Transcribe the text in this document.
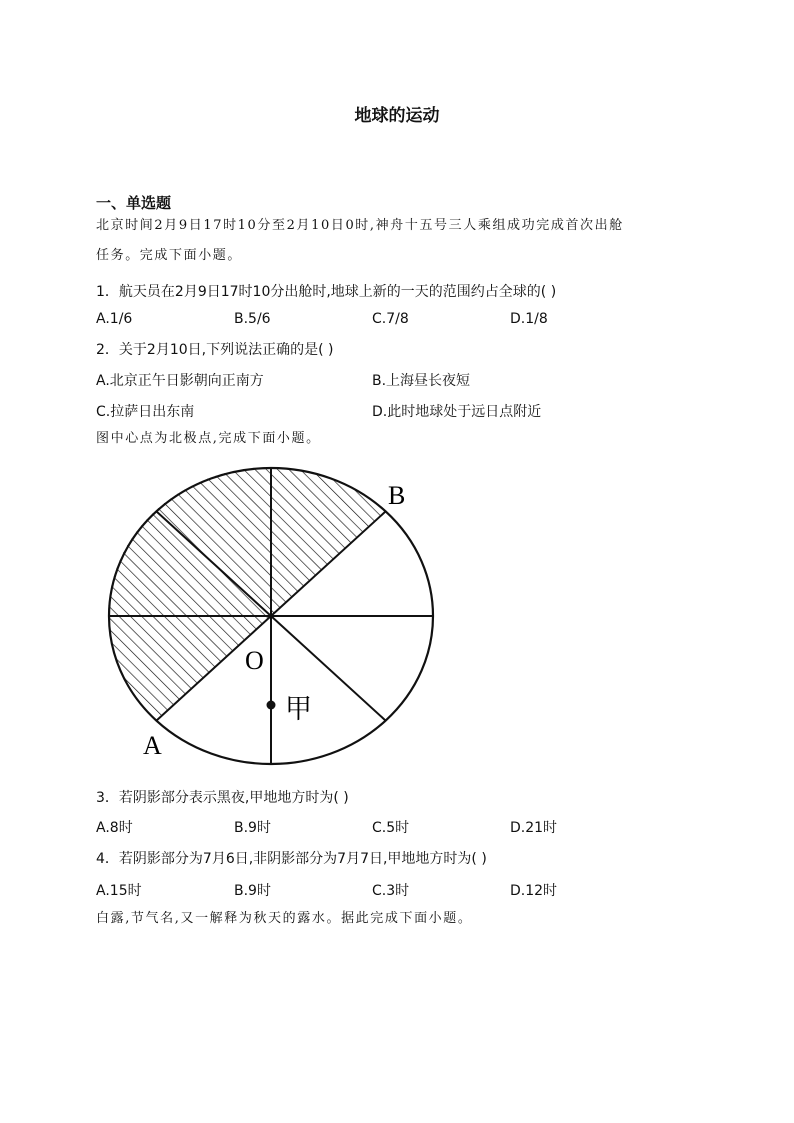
地球的运动
一、单选题
北京时间2月9日17时10分至2月10日0时,神舟十五号三人乘组成功完成首次出舱
任务。完成下面小题。
1．航天员在2月9日17时10分出舱时,地球上新的一天的范围约占全球的( )
A.1/6	B.5/6	C.7/8	D.1/8
2．关于2月10日,下列说法正确的是( )
A.北京正午日影朝向正南方	B.上海昼长夜短
C.拉萨日出东南	D.此时地球处于远日点附近
图中心点为北极点,完成下面小题。
B
O
A
甲
3．若阴影部分表示黑夜,甲地地方时为( )
A.8时	B.9时	C.5时	D.21时
4．若阴影部分为7月6日,非阴影部分为7月7日,甲地地方时为( )
A.15时	B.9时	C.3时	D.12时
白露,节气名,又一解释为秋天的露水。据此完成下面小题。
